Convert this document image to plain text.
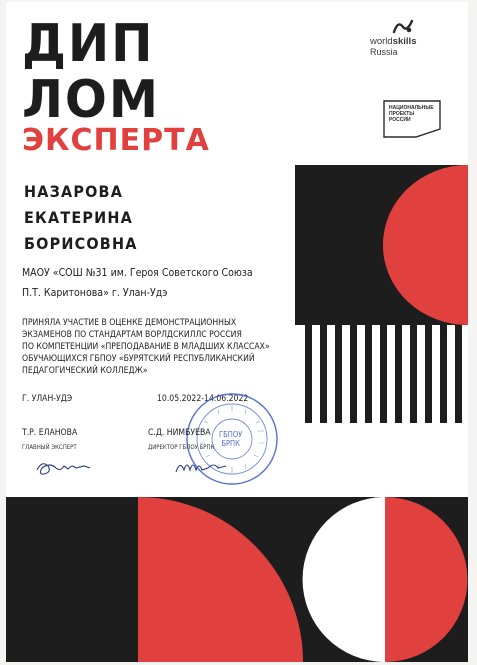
ДИП
ЛОМ
ЭКСПЕРТА
worldskills
Russia
НАЦИОНАЛЬНЫЕ
ПРОЕКТЫ
РОССИИ
НАЗАРОВА
ЕКАТЕРИНА
БОРИСОВНА
МАОУ «СОШ №31 им. Героя Советского Союза
П.Т. Каритонова» г. Улан-Удэ
ПРИНЯЛА УЧАСТИЕ В ОЦЕНКЕ ДЕМОНСТРАЦИОННЫХ
ЭКЗАМЕНОВ ПО СТАНДАРТАМ ВОРЛДСКИЛЛС РОССИЯ
ПО КОМПЕТЕНЦИИ «ПРЕПОДАВАНИЕ В МЛАДШИХ КЛАССАХ»
ОБУЧАЮЩИХСЯ ГБПОУ «БУРЯТСКИЙ РЕСПУБЛИКАНСКИЙ
ПЕДАГОГИЧЕСКИЙ КОЛЛЕДЖ»
Г. УЛАН-УДЭ	10.05.2022-14.06.2022
ГБПОУ
БРПК
Т.Р. ЕЛАНОВА
ГЛАВНЫЙ ЭКСПЕРТ
С.Д. НИМБУЕВА
ДИРЕКТОР ГБПОУ БРПК
